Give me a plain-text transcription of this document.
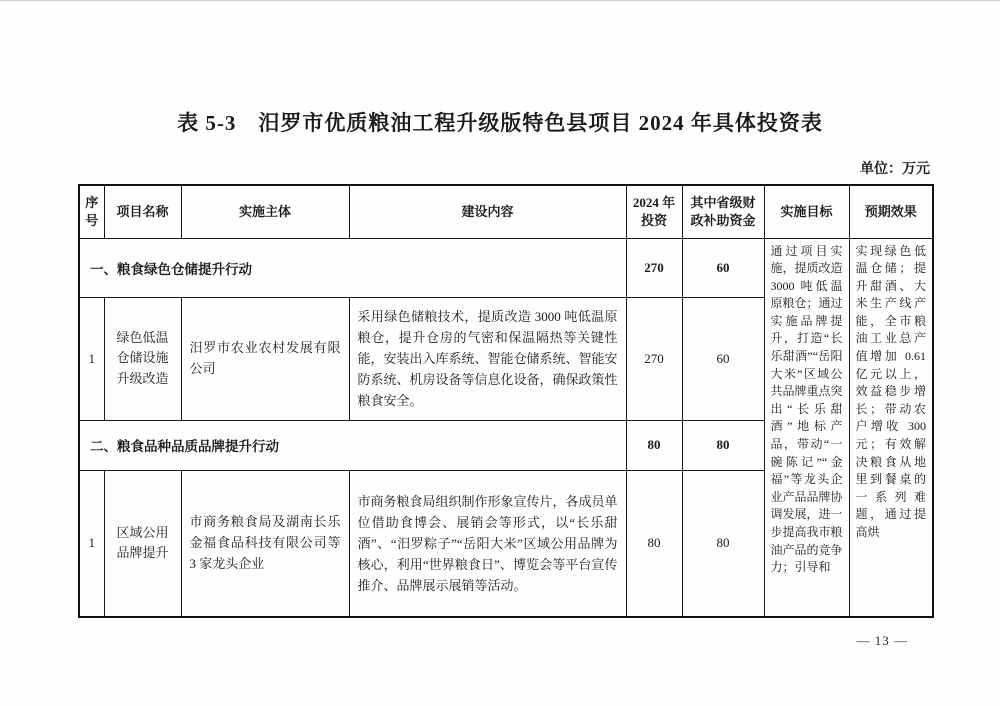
表 5-3　汨罗市优质粮油工程升级版特色县项目 2024 年具体投资表
单位：万元
序号	项目名称	实施主体	建设内容	2024 年投资	其中省级财政补助资金	实施目标	预期效果
一、粮食绿色仓储提升行动				270	60	通过项目实施，提质改造 3000 吨低温原粮仓；通过实施品牌提升，打造“长乐甜酒”“岳阳大米”区域公共品牌重点突出“长乐甜酒”地标产品，带动“一碗陈记”“金福”等龙头企业产品品牌协调发展，进一步提高我市粮油产品的竞争力；引导和	实现绿色低温仓储；提升甜酒、大米生产线产能，全市粮油工业总产值增加 0.61 亿元以上，效益稳步增长；带动农户增收 300 元；有效解决粮食从地里到餐桌的一系列难题，通过提高烘
1	绿色低温仓储设施升级改造	汨罗市农业农村发展有限公司	采用绿色储粮技术，提质改造 3000 吨低温原粮仓，提升仓房的气密和保温隔热等关键性能，安装出入库系统、智能仓储系统、智能安防系统、机房设备等信息化设备，确保政策性粮食安全。	270	60		
二、粮食品种品质品牌提升行动				80	80		
1	区域公用品牌提升	市商务粮食局及湖南长乐金福食品科技有限公司等 3 家龙头企业	市商务粮食局组织制作形象宣传片，各成员单位借助食博会、展销会等形式，以“长乐甜酒”、“汨罗粽子”“岳阳大米”区域公用品牌为核心，利用“世界粮食日”、博览会等平台宣传推介、品牌展示展销等活动。	80	80		
— 13 —
